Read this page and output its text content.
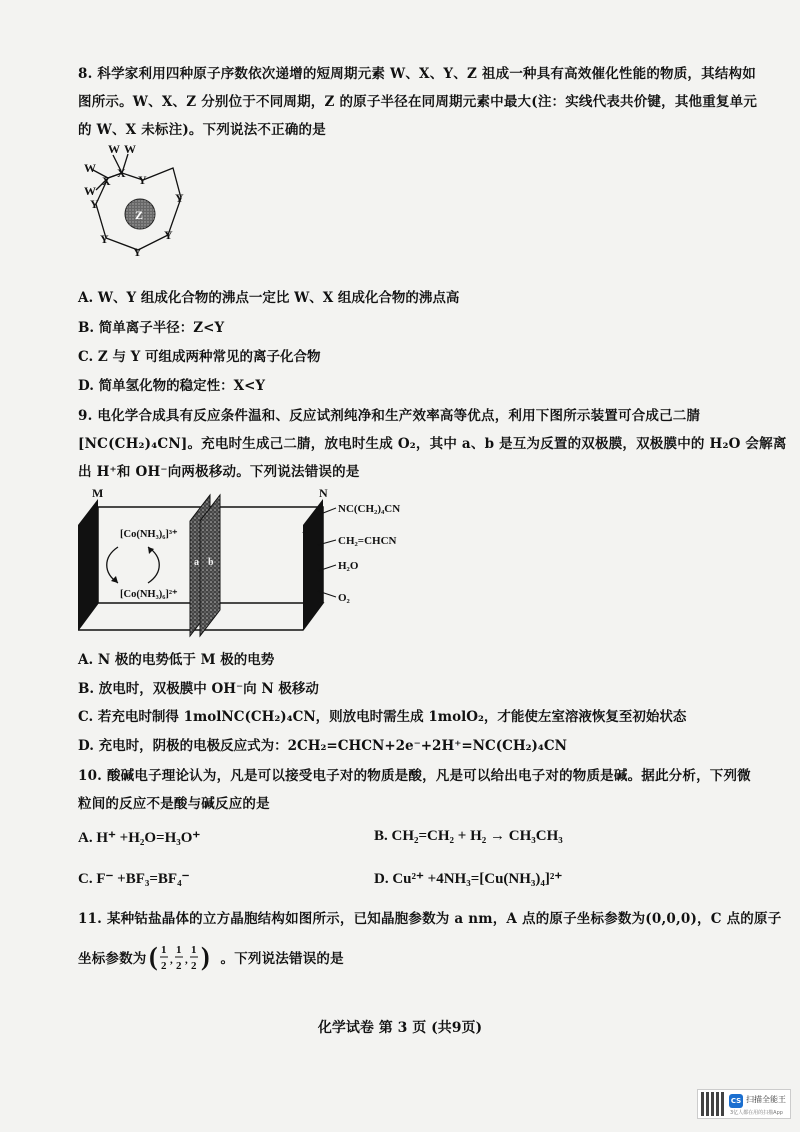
8. 科学家利用四种原子序数依次递增的短周期元素 W、X、Y、Z 祖成一种具有高效催化性能的物质，其结构如
图所示。W、X、Z 分别位于不同周期，Z 的原子半径在同周期元素中最大(注：实线代表共价键，其他重复单元
的 W、X 未标注)。下列说法不正确的是
W W
W
W
X
X Y
Y
Y
Y
Y
Y
Z
A. W、Y 组成化合物的沸点一定比 W、X 组成化合物的沸点高
B. 简单离子半径：Z<Y
C. Z 与 Y 可组成两种常见的离子化合物
D. 简单氢化物的稳定性：X<Y
9. 电化学合成具有反应条件温和、反应试剂纯净和生产效率高等优点，利用下图所示装置可合成己二腈
[NC(CH₂)₄CN]。充电时生成己二腈，放电时生成 O₂，其中 a、b 是互为反置的双极膜，双极膜中的 H₂O 会解离
出 H⁺和 OH⁻向两极移动。下列说法错误的是
M	N
[Co(NH₃)₆]³⁺
[Co(NH₃)₆]²⁺
a b
NC(CH₂)₄CN
CH₂=CHCN
H₂O
O₂
A. N 极的电势低于 M 极的电势
B. 放电时，双极膜中 OH⁻向 N 极移动
C. 若充电时制得 1molNC(CH₂)₄CN，则放电时需生成 1molO₂，才能使左室溶液恢复至初始状态
D. 充电时，阴极的电极反应式为：2CH₂=CHCN+2e⁻+2H⁺=NC(CH₂)₄CN
10. 酸碱电子理论认为，凡是可以接受电子对的物质是酸，凡是可以给出电子对的物质是碱。据此分析，下列微
粒间的反应不是酸与碱反应的是
A. H⁺ +H₂O=H₃O⁺	B. CH₂=CH₂ + H₂ → CH₃CH₃
C. F⁻ +BF₃=BF₄⁻	D. Cu²⁺ +4NH₃=[Cu(NH₃)₄]²⁺
11. 某种钴盐晶体的立方晶胞结构如图所示，已知晶胞参数为 a nm，A 点的原子坐标参数为(0,0,0)，C 点的原子
坐标参数为 ( 1
2 ,
1
2 ,
1
2 ) 。下列说法错误的是
化学试卷 第 3 页 (共9页)
CS 扫描全能王
3亿人都在用的扫描App
